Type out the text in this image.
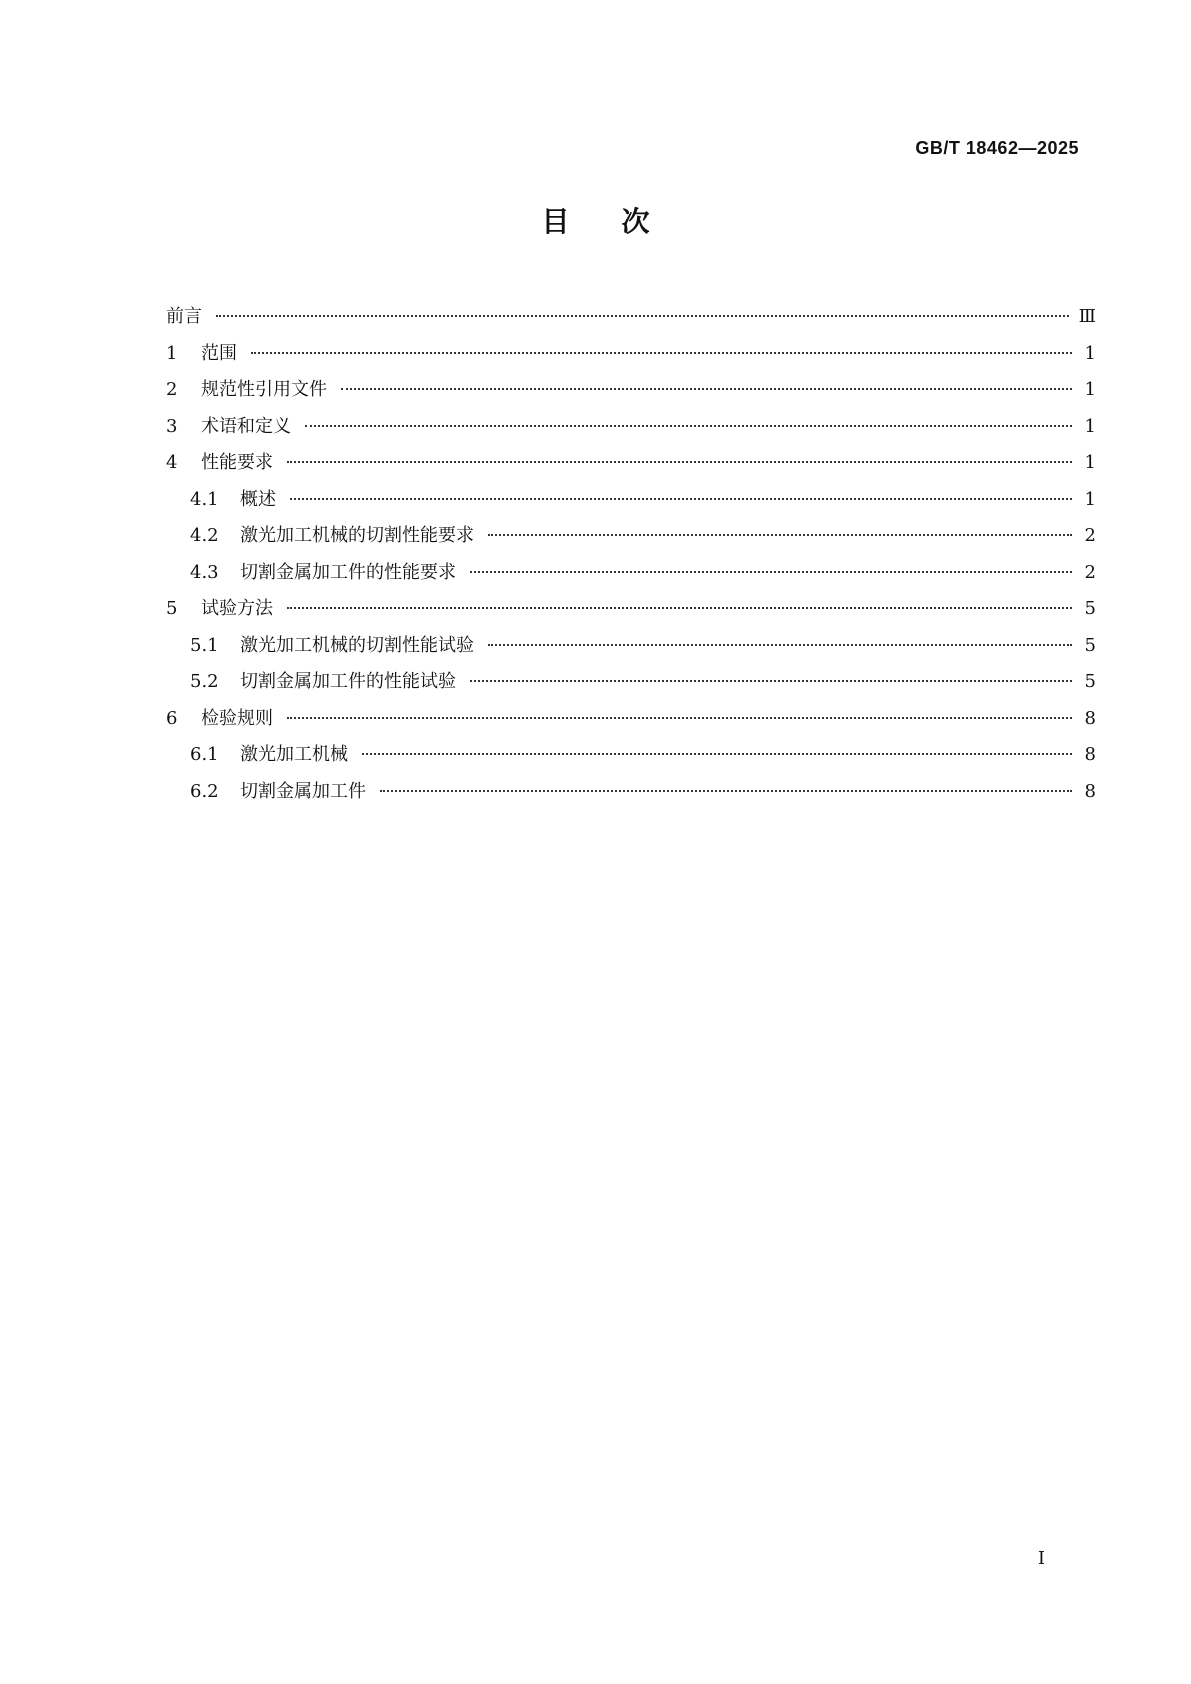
GB/T 18462—2025
目次
前言	Ⅲ
1	范围	1
2	规范性引用文件	1
3	术语和定义	1
4	性能要求	1
4.1	概述	1
4.2	激光加工机械的切割性能要求	2
4.3	切割金属加工件的性能要求	2
5	试验方法	5
5.1	激光加工机械的切割性能试验	5
5.2	切割金属加工件的性能试验	5
6	检验规则	8
6.1	激光加工机械	8
6.2	切割金属加工件	8
I
